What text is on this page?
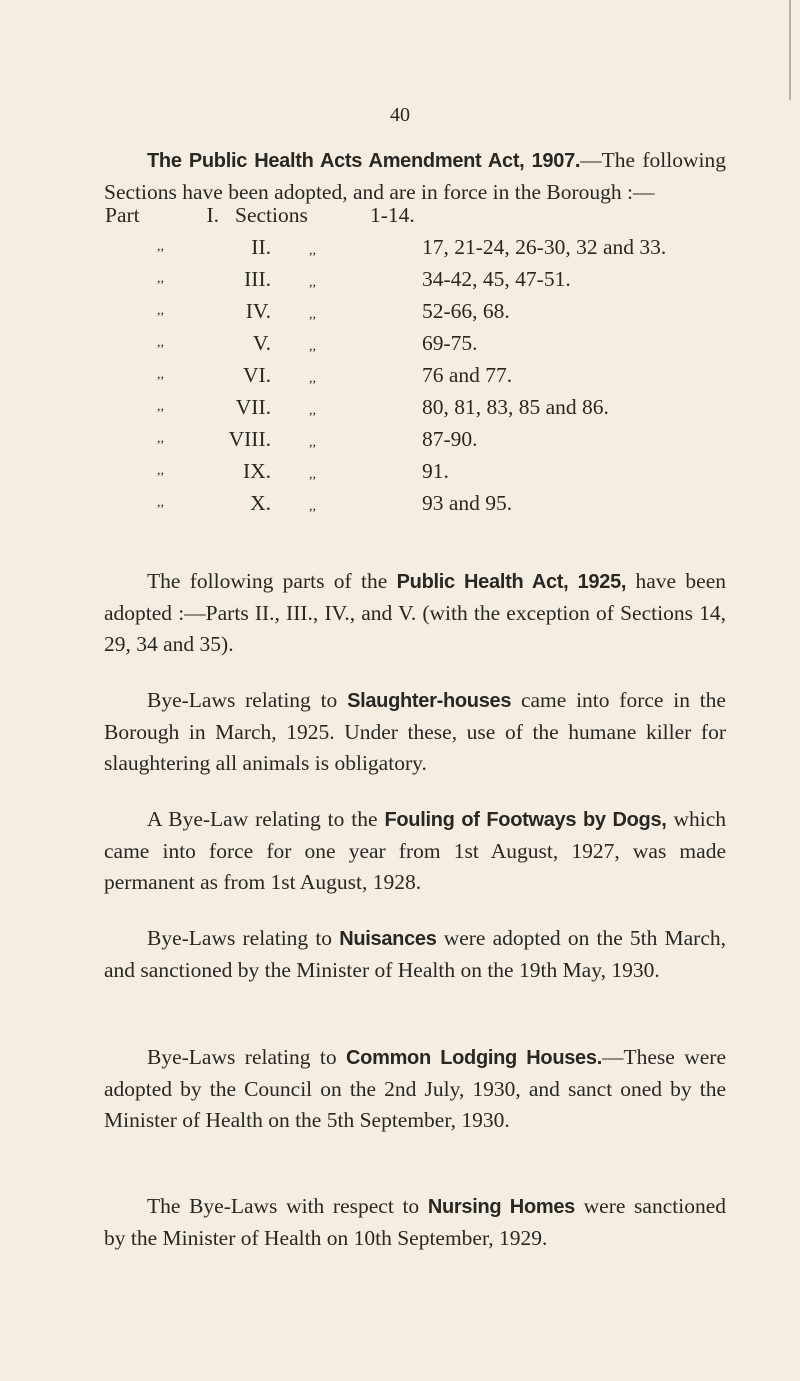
40
The Public Health Acts Amendment Act, 1907.—The following Sections have been adopted, and are in force in the Borough :—
Part	I. Sections	1-14.
,,	II.	,,	17, 21-24, 26-30, 32 and 33.
,,	III.	,,	34-42, 45, 47-51.
,,	IV.	,,	52-66, 68.
,,	V.	,,	69-75.
,,	VI.	,,	76 and 77.
,,	VII.	,,	80, 81, 83, 85 and 86.
,,	VIII.	,,	87-90.
,,	IX.	,,	91.
,,	X.	,,	93 and 95.
The following parts of the Public Health Act, 1925, have been adopted :—Parts II., III., IV., and V. (with the exception of Sections 14, 29, 34 and 35).
Bye-Laws relating to Slaughter-houses came into force in the Borough in March, 1925. Under these, use of the humane killer for slaughtering all animals is obligatory.
A Bye-Law relating to the Fouling of Footways by Dogs, which came into force for one year from 1st August, 1927, was made permanent as from 1st August, 1928.
Bye-Laws relating to Nuisances were adopted on the 5th March, and sanctioned by the Minister of Health on the 19th May, 1930.
Bye-Laws relating to Common Lodging Houses.—These were adopted by the Council on the 2nd July, 1930, and sanct oned by the Minister of Health on the 5th September, 1930.
The Bye-Laws with respect to Nursing Homes were sanctioned by the Minister of Health on 10th September, 1929.
